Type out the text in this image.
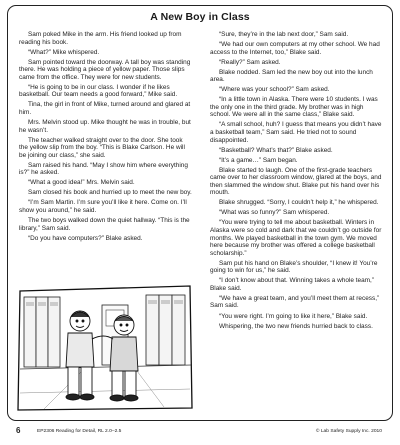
A New Boy in Class

Sam poked Mike in the arm. His friend looked up from reading his book.

“What?” Mike whispered.

Sam pointed toward the doorway. A tall boy was standing there. He was holding a piece of yellow paper. Those slips came from the office. They were for new students.

“He is going to be in our class. I wonder if he likes basketball. Our team needs a good forward,” Mike said.

Tina, the girl in front of Mike, turned around and glared at him.

Mrs. Melvin stood up. Mike thought he was in trouble, but he wasn’t.

The teacher walked straight over to the door. She took the yellow slip from the boy. “This is Blake Carlson. He will be joining our class,” she said.

Sam raised his hand. “May I show him where everything is?” he asked.

“What a good idea!” Mrs. Melvin said.

Sam closed his book and hurried up to meet the new boy.

“I’m Sam Martin. I’m sure you’ll like it here. Come on. I’ll show you around,” he said.

The two boys walked down the quiet hallway. “This is the library,” Sam said.

“Do you have computers?” Blake asked.

“Sure, they’re in the lab next door,” Sam said.

“We had our own computers at my other school. We had access to the Internet, too,” Blake said.

“Really?” Sam asked.

Blake nodded. Sam led the new boy out into the lunch area.

“Where was your school?” Sam asked.

“In a little town in Alaska. There were 10 students. I was the only one in the third grade. My brother was in high school. We were all in the same class,” Blake said.

“A small school, huh? I guess that means you didn’t have a basketball team,” Sam said. He tried not to sound disappointed.

“Basketball? What’s that?” Blake asked.

“It’s a game…” Sam began.

Blake started to laugh. One of the first-grade teachers came over to her classroom window, glared at the boys, and then slammed the window shut. Blake put his hand over his mouth.

Blake shrugged. “Sorry, I couldn’t help it,” he whispered.

“What was so funny?” Sam whispered.

“You were trying to tell me about basketball. Winters in Alaska were so cold and dark that we couldn’t go outside for months. We played basketball in the town gym. We moved here because my brother was offered a college basketball scholarship.”

Sam put his hand on Blake’s shoulder, “I knew it! You’re going to win for us,” he said.

“I don’t know about that. Winning takes a whole team,” Blake said.

“We have a great team, and you’ll meet them at recess,” Sam said.

“You were right. I’m going to like it here,” Blake said.

Whispering, the two new friends hurried back to class.

6	EP2306 Reading for Detail, RL 2.0–2.5	© Lab Safety Supply Inc. 2010
